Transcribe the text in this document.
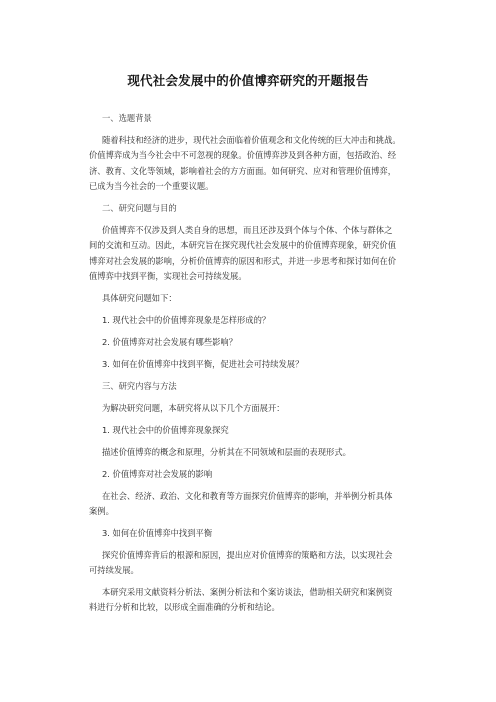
现代社会发展中的价值博弈研究的开题报告
一、选题背景
随着科技和经济的进步，现代社会面临着价值观念和文化传统的巨大冲击和挑战。
价值博弈成为当今社会中不可忽视的现象。价值博弈涉及到各种方面，包括政治、经
济、教育、文化等领域，影响着社会的方方面面。如何研究、应对和管理价值博弈，
已成为当今社会的一个重要议题。
二、研究问题与目的
价值博弈不仅涉及到人类自身的思想，而且还涉及到个体与个体、个体与群体之
间的交流和互动。因此，本研究旨在探究现代社会发展中的价值博弈现象，研究价值
博弈对社会发展的影响，分析价值博弈的原因和形式，并进一步思考和探讨如何在价
值博弈中找到平衡，实现社会可持续发展。
具体研究问题如下：
1. 现代社会中的价值博弈现象是怎样形成的？
2. 价值博弈对社会发展有哪些影响？
3. 如何在价值博弈中找到平衡，促进社会可持续发展？
三、研究内容与方法
为解决研究问题，本研究将从以下几个方面展开：
1. 现代社会中的价值博弈现象探究
描述价值博弈的概念和原理，分析其在不同领域和层面的表现形式。
2. 价值博弈对社会发展的影响
在社会、经济、政治、文化和教育等方面探究价值博弈的影响，并举例分析具体
案例。
3. 如何在价值博弈中找到平衡
探究价值博弈背后的根源和原因，提出应对价值博弈的策略和方法，以实现社会
可持续发展。
本研究采用文献资料分析法、案例分析法和个案访谈法，借助相关研究和案例资
料进行分析和比较，以形成全面准确的分析和结论。
